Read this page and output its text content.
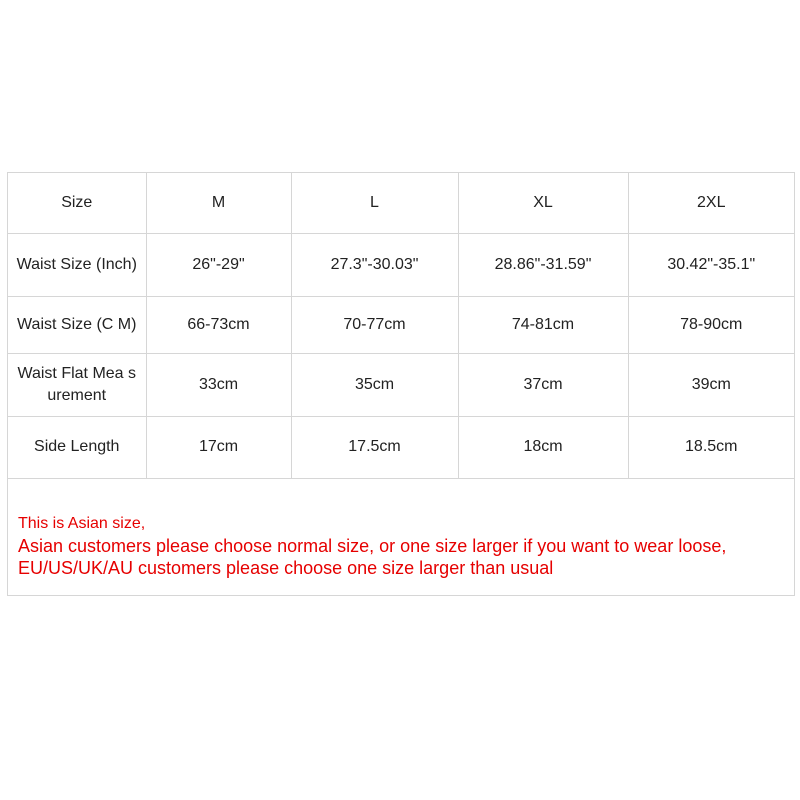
Size	M	L	XL	2XL
Waist Size (Inch)	26"-29"	27.3"-30.03"	28.86"-31.59"	30.42"-35.1"
Waist Size (C M)	66-73cm	70-77cm	74-81cm	78-90cm
Waist Flat Mea surement	33cm	35cm	37cm	39cm
Side Length	17cm	17.5cm	18cm	18.5cm
This is Asian size,
Asian customers please choose normal size, or one size larger if you want to wear loose,
EU/US/UK/AU customers please choose one size larger than usual
